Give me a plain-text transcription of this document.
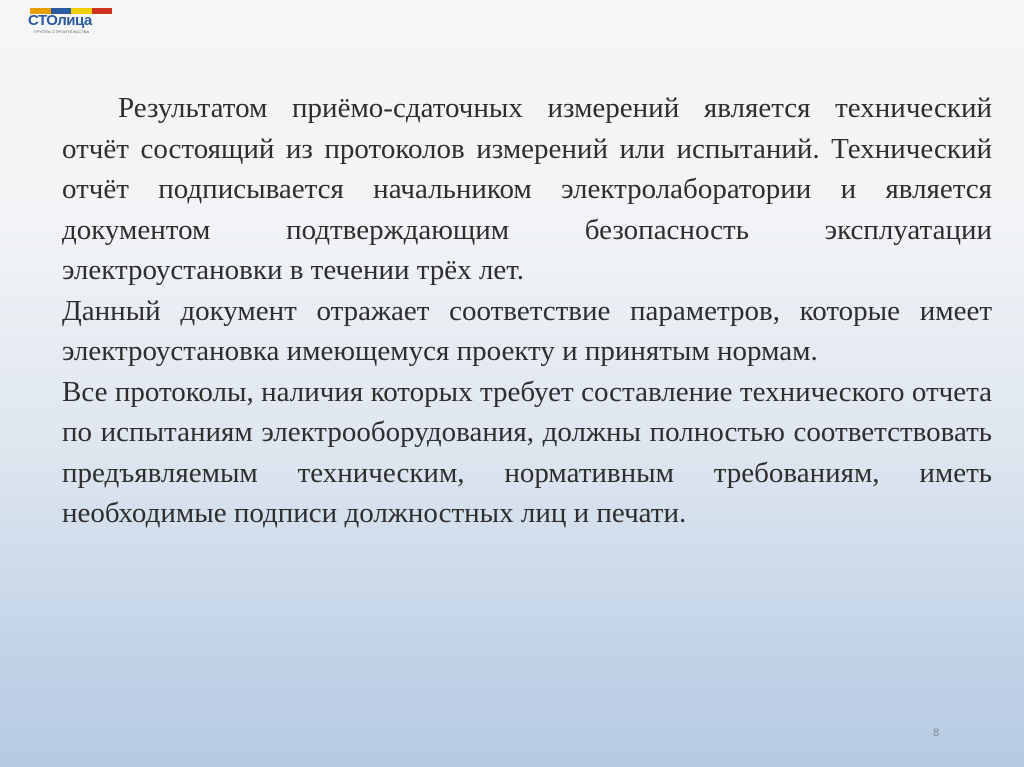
СТОлица
ГРУППА СТРОИТЕЛЬСТВА

Результатом приёмо-сдаточных измерений является технический отчёт состоящий из протоколов измерений или испытаний. Технический отчёт подписывается начальником электролаборатории и является документом подтверждающим безопасность эксплуатации электроустановки в течении трёх лет.

Данный документ отражает соответствие параметров, которые имеет электроустановка имеющемуся проекту и принятым нормам.

Все протоколы, наличия которых требует составление технического отчета по испытаниям электрооборудования, должны полностью соответствовать предъявляемым техническим, нормативным требованиям, иметь необходимые подписи должностных лиц и печати.

8
